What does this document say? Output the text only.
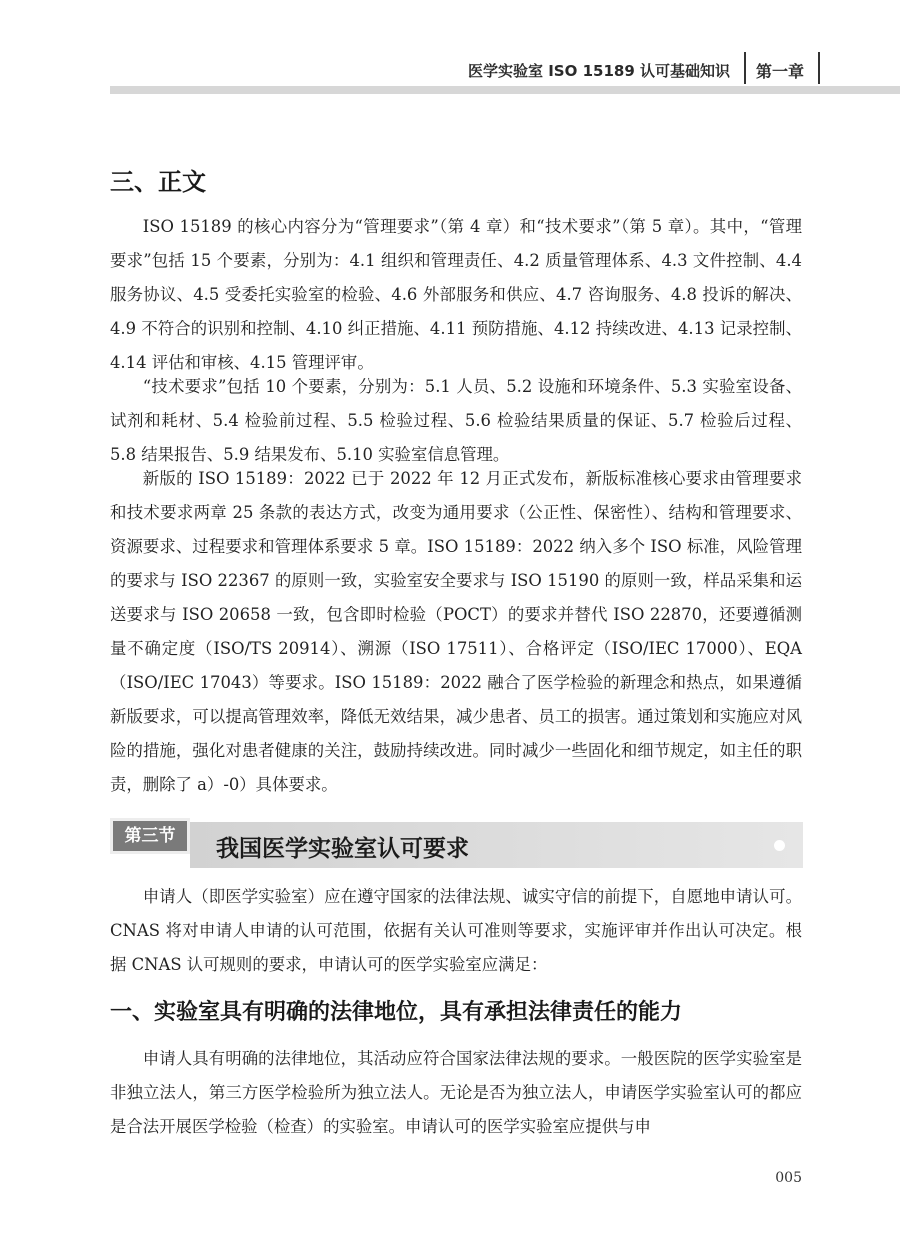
医学实验室 ISO 15189 认可基础知识 第一章
三、正文
ISO 15189 的核心内容分为“管理要求”（第 4 章）和“技术要求”（第 5 章）。其中，“管理要求”包括 15 个要素，分别为：4.1 组织和管理责任、4.2 质量管理体系、4.3 文件控制、4.4 服务协议、4.5 受委托实验室的检验、4.6 外部服务和供应、4.7 咨询服务、4.8 投诉的解决、4.9 不符合的识别和控制、4.10 纠正措施、4.11 预防措施、4.12 持续改进、4.13 记录控制、4.14 评估和审核、4.15 管理评审。
“技术要求”包括 10 个要素，分别为：5.1 人员、5.2 设施和环境条件、5.3 实验室设备、试剂和耗材、5.4 检验前过程、5.5 检验过程、5.6 检验结果质量的保证、5.7 检验后过程、5.8 结果报告、5.9 结果发布、5.10 实验室信息管理。
新版的 ISO 15189：2022 已于 2022 年 12 月正式发布，新版标准核心要求由管理要求和技术要求两章 25 条款的表达方式，改变为通用要求（公正性、保密性）、结构和管理要求、资源要求、过程要求和管理体系要求 5 章。ISO 15189：2022 纳入多个 ISO 标准，风险管理的要求与 ISO 22367 的原则一致，实验室安全要求与 ISO 15190 的原则一致，样品采集和运送要求与 ISO 20658 一致，包含即时检验（POCT）的要求并替代 ISO 22870，还要遵循测量不确定度（ISO/TS 20914）、溯源（ISO 17511）、合格评定（ISO/IEC 17000）、EQA（ISO/IEC 17043）等要求。ISO 15189：2022 融合了医学检验的新理念和热点，如果遵循新版要求，可以提高管理效率，降低无效结果，减少患者、员工的损害。通过策划和实施应对风险的措施，强化对患者健康的关注，鼓励持续改进。同时减少一些固化和细节规定，如主任的职责，删除了 a）-0）具体要求。
第三节	我国医学实验室认可要求
申请人（即医学实验室）应在遵守国家的法律法规、诚实守信的前提下，自愿地申请认可。CNAS 将对申请人申请的认可范围，依据有关认可准则等要求，实施评审并作出认可决定。根据 CNAS 认可规则的要求，申请认可的医学实验室应满足：
一、实验室具有明确的法律地位，具有承担法律责任的能力
申请人具有明确的法律地位，其活动应符合国家法律法规的要求。一般医院的医学实验室是非独立法人，第三方医学检验所为独立法人。无论是否为独立法人，申请医学实验室认可的都应是合法开展医学检验（检查）的实验室。申请认可的医学实验室应提供与申
005
